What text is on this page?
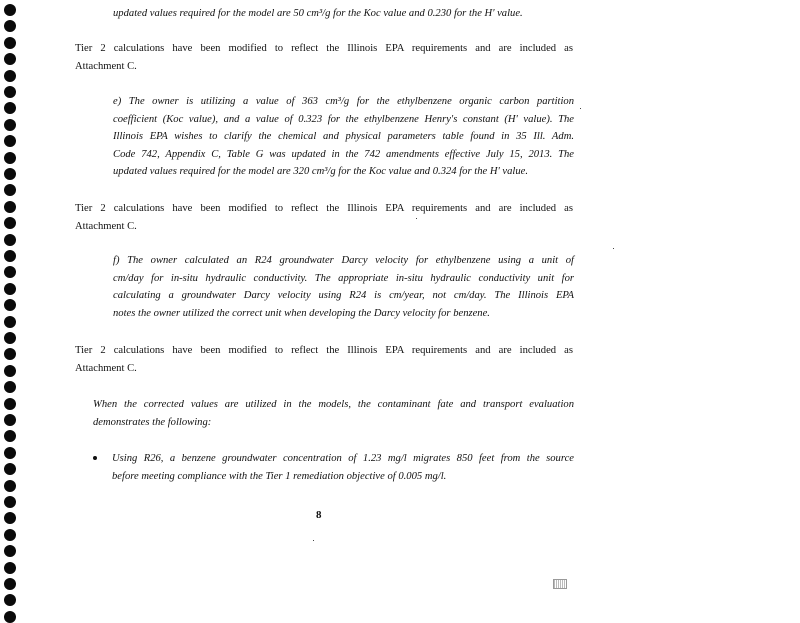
updated values required for the model are 50 cm³/g for the Koc value and 0.230 for the H' value.

Tier 2 calculations have been modified to reflect the Illinois EPA requirements and are included as
Attachment C.

e) The owner is utilizing a value of 363 cm³/g for the ethylbenzene organic carbon partition
coefficient (Koc value), and a value of 0.323 for the ethylbenzene Henry's constant (H' value). The
Illinois EPA wishes to clarify the chemical and physical parameters table found in 35 Ill. Adm.
Code 742, Appendix C, Table G was updated in the 742 amendments effective July 15, 2013. The
updated values required for the model are 320 cm³/g for the Koc value and 0.324 for the H' value.

Tier 2 calculations have been modified to reflect the Illinois EPA requirements and are included as
Attachment C.

f) The owner calculated an R24 groundwater Darcy velocity for ethylbenzene using a unit of
cm/day for in-situ hydraulic conductivity. The appropriate in-situ hydraulic conductivity unit for
calculating a groundwater Darcy velocity using R24 is cm/year, not cm/day. The Illinois EPA
notes the owner utilized the correct unit when developing the Darcy velocity for benzene.

Tier 2 calculations have been modified to reflect the Illinois EPA requirements and are included as
Attachment C.

When the corrected values are utilized in the models, the contaminant fate and transport evaluation
demonstrates the following:

Using R26, a benzene groundwater concentration of 1.23 mg/l migrates 850 feet from the source
before meeting compliance with the Tier 1 remediation objective of 0.005 mg/l.
8
